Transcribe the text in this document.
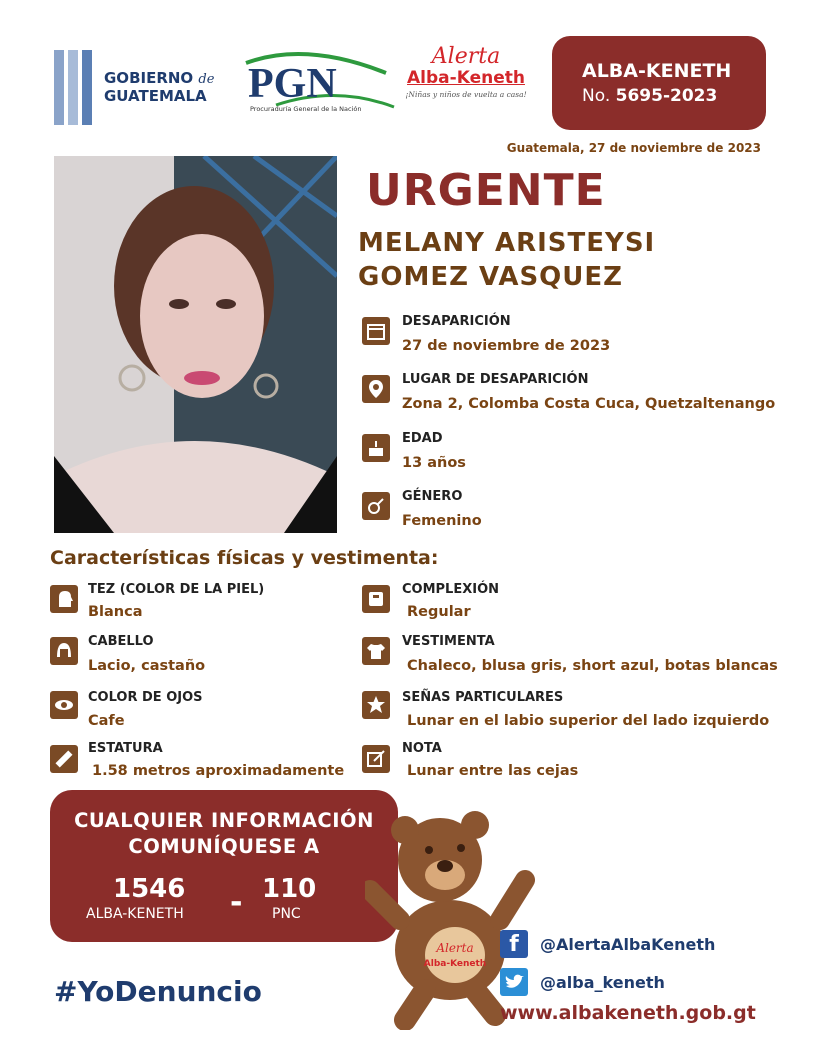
GOBIERNO de
GUATEMALA PGN
Procuraduría General de la Nación
Alerta
Alba-Keneth
¡Niñas y niños de vuelta a casa!
ALBA-KENETH
No. 5695-2023
Guatemala, 27 de noviembre de 2023
URGENTE
MELANY ARISTEYSI
GOMEZ VASQUEZ
DESAPARICIÓN
27 de noviembre de 2023
LUGAR DE DESAPARICIÓN
Zona 2, Colomba Costa Cuca, Quetzaltenango
EDAD
13 años
GÉNERO
Femenino
Características físicas y vestimenta:
TEZ (COLOR DE LA PIEL)
Blanca
CABELLO
Lacio, castaño
COLOR DE OJOS
Cafe
ESTATURA
1.58 metros aproximadamente
COMPLEXIÓN
Regular
VESTIMENTA
Chaleco, blusa gris, short azul, botas blancas
SEÑAS PARTICULARES
Lunar en el labio superior del lado izquierdo
NOTA
Lunar entre las cejas
CUALQUIER INFORMACIÓN
COMUNÍQUESE A
1546
ALBA-KENETH - 110
PNC
#YoDenuncio
Alerta
Alba-Keneth
f	@AlertaAlbaKeneth
@alba_keneth
www.albakeneth.gob.gt
